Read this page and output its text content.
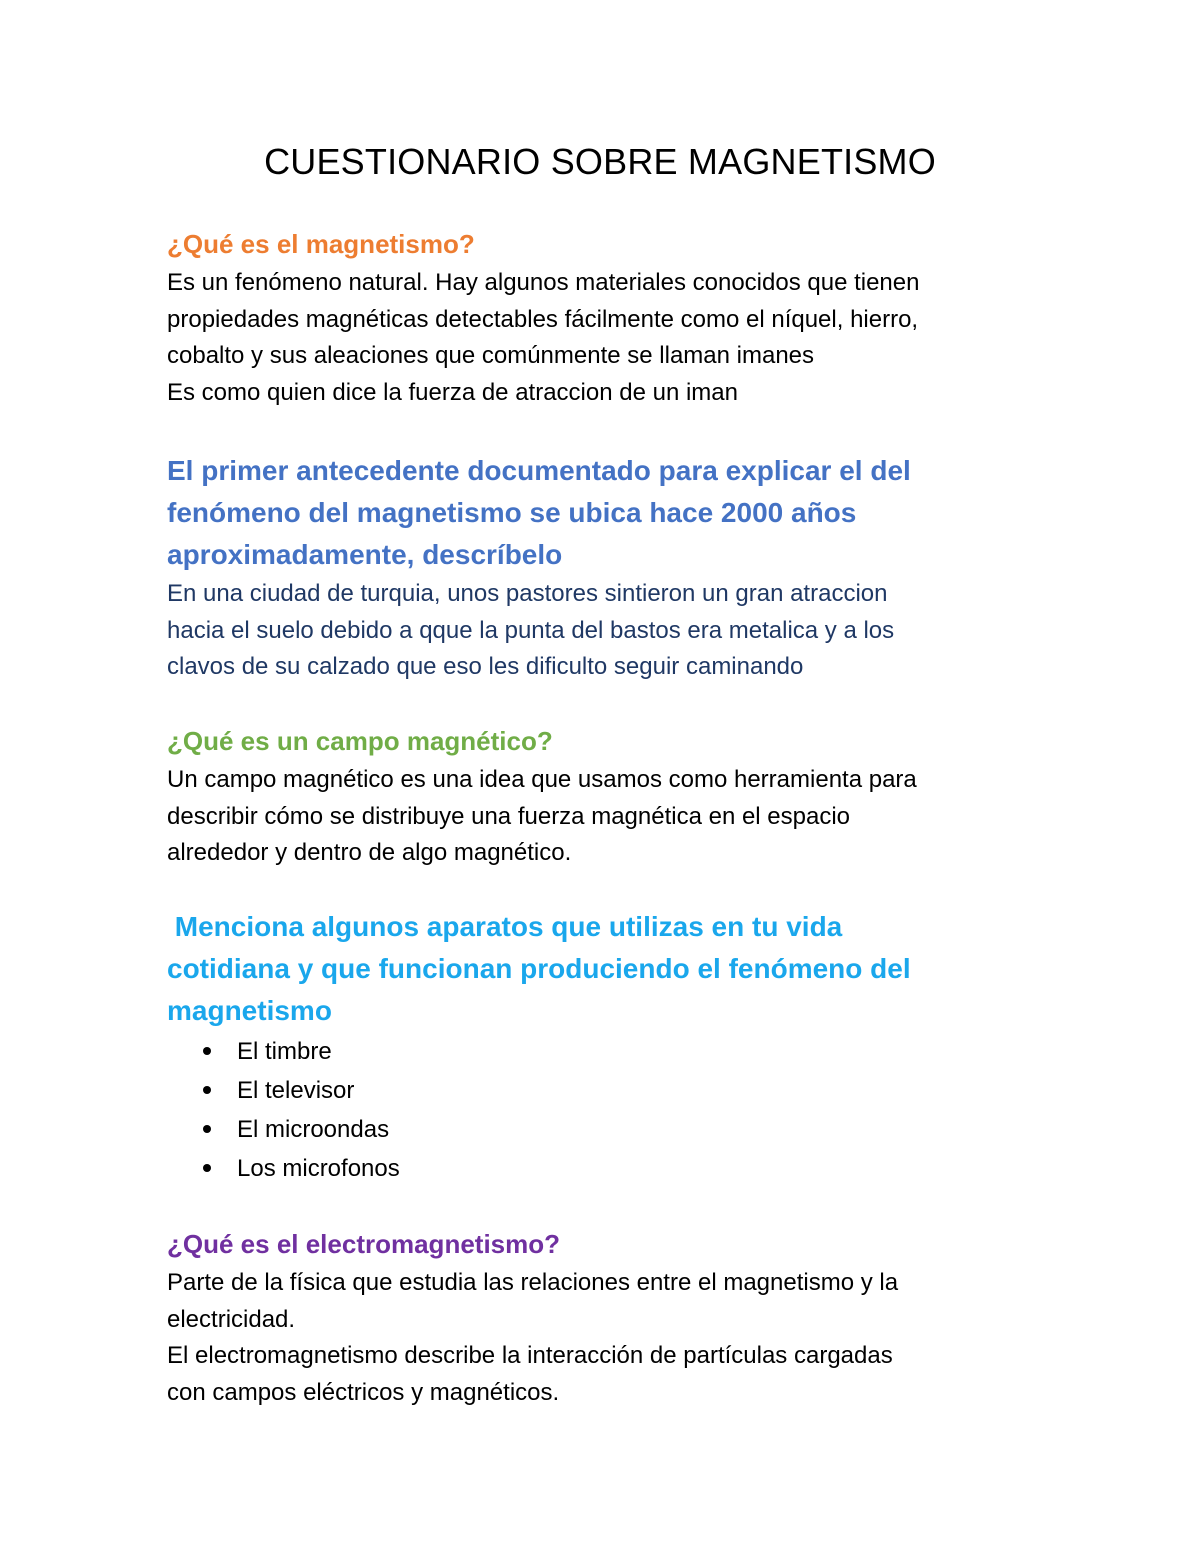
CUESTIONARIO SOBRE MAGNETISMO

¿Qué es el magnetismo?

Es un fenómeno natural. Hay algunos materiales conocidos que tienen

propiedades magnéticas detectables fácilmente como el níquel, hierro,

cobalto y sus aleaciones que comúnmente se llaman imanes

Es como quien dice la fuerza de atraccion de un iman

El primer antecedente documentado para explicar el del

fenómeno del magnetismo se ubica hace 2000 años

aproximadamente, descríbelo

En una ciudad de turquia, unos pastores sintieron un gran atraccion

hacia el suelo debido a qque la punta del bastos era metalica y a los

clavos de su calzado que eso les dificulto seguir caminando

¿Qué es un campo magnético?

Un campo magnético es una idea que usamos como herramienta para

describir cómo se distribuye una fuerza magnética en el espacio

alrededor y dentro de algo magnético.

Menciona algunos aparatos que utilizas en tu vida

cotidiana y que funcionan produciendo el fenómeno del

magnetismo

El timbre
El televisor
El microondas
Los microfonos

¿Qué es el electromagnetismo?

Parte de la física que estudia las relaciones entre el magnetismo y la

electricidad.

El electromagnetismo describe la interacción de partículas cargadas

con campos eléctricos y magnéticos.
